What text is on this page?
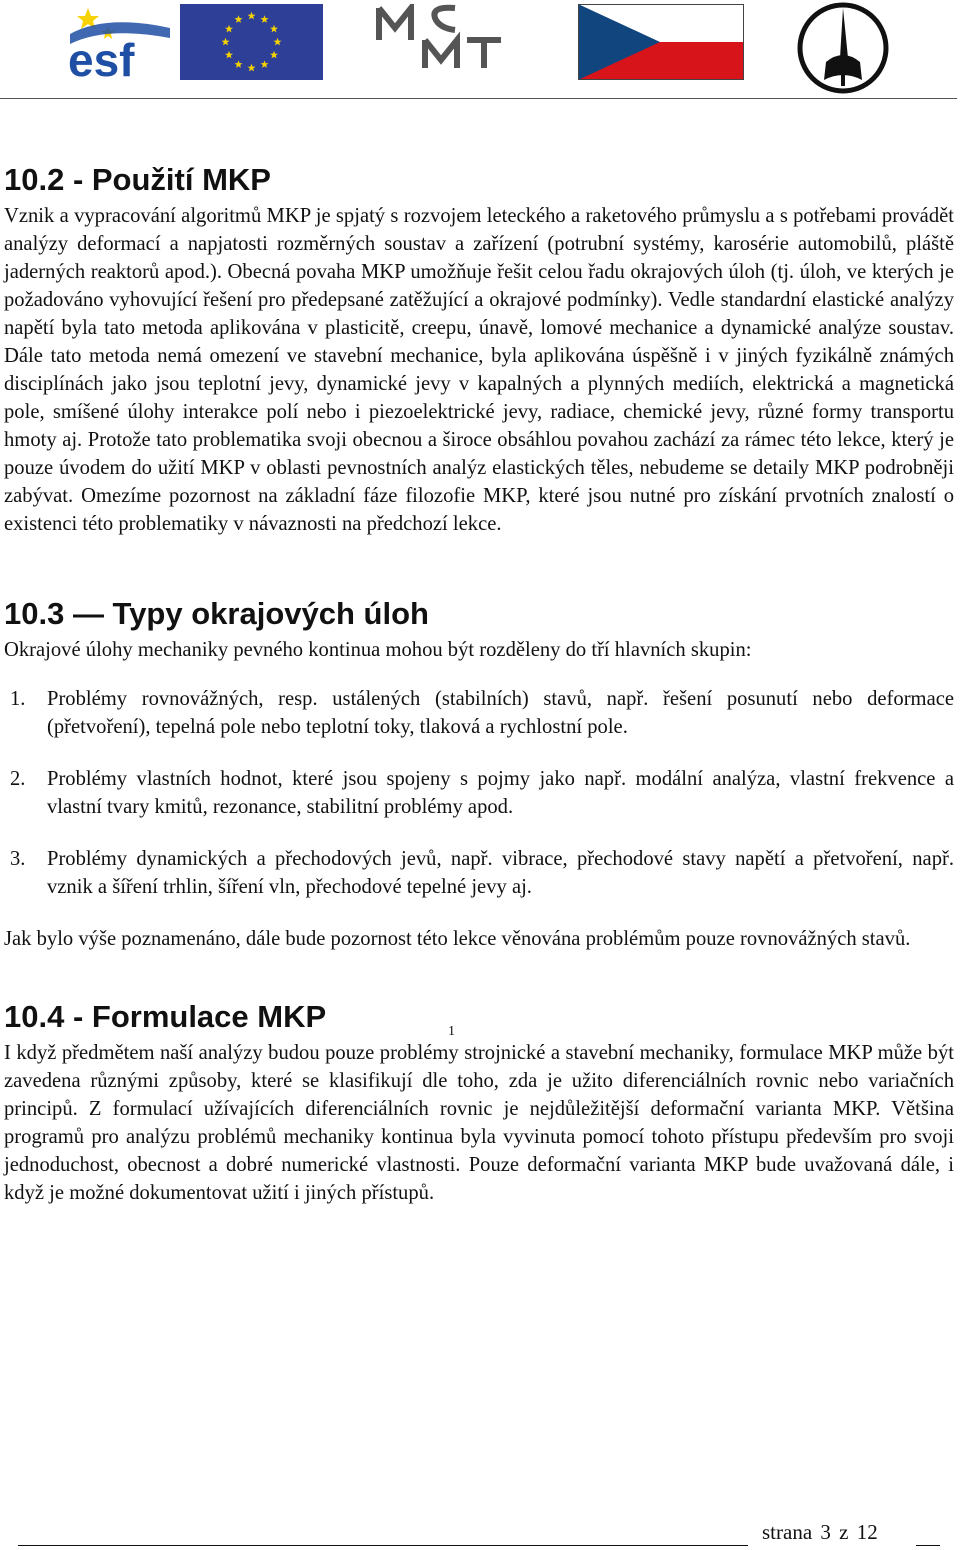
esf
MŠMT
10.2 - Použití MKP

Vznik a vypracování algoritmů MKP je spjatý s rozvojem leteckého a raketového průmyslu a s potřebami provádět analýzy deformací a napjatosti rozměrných soustav a zařízení (potrubní systémy, karosérie automobilů, pláště jaderných reaktorů apod.). Obecná povaha MKP umožňuje řešit celou řadu okrajových úloh (tj. úloh, ve kterých je požadováno vyhovující řešení pro předepsané zatěžující a okrajové podmínky). Vedle standardní elastické analýzy napětí byla tato metoda aplikována v plasticitě, creepu, únavě, lomové mechanice a dynamické analýze soustav. Dále tato metoda nemá omezení ve stavební mechanice, byla aplikována úspěšně i v jiných fyzikálně známých disciplínách jako jsou teplotní jevy, dynamické jevy v kapalných a plynných mediích, elektrická a magnetická pole, smíšené úlohy interakce polí nebo i piezoelektrické jevy, radiace, chemické jevy, různé formy transportu hmoty aj. Protože tato problematika svoji obecnou a široce obsáhlou povahou zachází za rámec této lekce, který je pouze úvodem do užití MKP v oblasti pevnostních analýz elastických těles, nebudeme se detaily MKP podrobněji zabývat. Omezíme pozornost na základní fáze filozofie MKP, které jsou nutné pro získání prvotních znalostí o existenci této problematiky v návaznosti na předchozí lekce.

10.3 — Typy okrajových úloh

Okrajové úlohy mechaniky pevného kontinua mohou být rozděleny do tří hlavních skupin:

1. Problémy rovnovážných, resp. ustálených (stabilních) stavů, např. řešení posunutí nebo deformace (přetvoření), tepelná pole nebo teplotní toky, tlaková a rychlostní pole.
2. Problémy vlastních hodnot, které jsou spojeny s pojmy jako např. modální analýza, vlastní frekvence a vlastní tvary kmitů, rezonance, stabilitní problémy apod.
3. Problémy dynamických a přechodových jevů, např. vibrace, přechodové stavy napětí a přetvoření, např. vznik a šíření trhlin, šíření vln, přechodové tepelné jevy aj.

Jak bylo výše poznamenáno, dále bude pozornost této lekce věnována problémům pouze rovnovážných stavů.

10.4 - Formulace MKP

I když předmětem naší analýzy budou pouze problémy strojnické a stavební mechaniky, formulace MKP může být zavedena různými způsoby, které se klasifikují dle toho, zda je užito diferenciálních rovnic nebo variačních principů. Z formulací užívajících diferenciálních rovnic je nejdůležitější deformační varianta MKP. Většina programů pro analýzu problémů mechaniky kontinua byla vyvinuta pomocí tohoto přístupu především pro svoji jednoduchost, obecnost a dobré numerické vlastnosti. Pouze deformační varianta MKP bude uvažovaná dále, i když je možné dokumentovat užití i jiných přístupů.

1
strana 3 z 12
